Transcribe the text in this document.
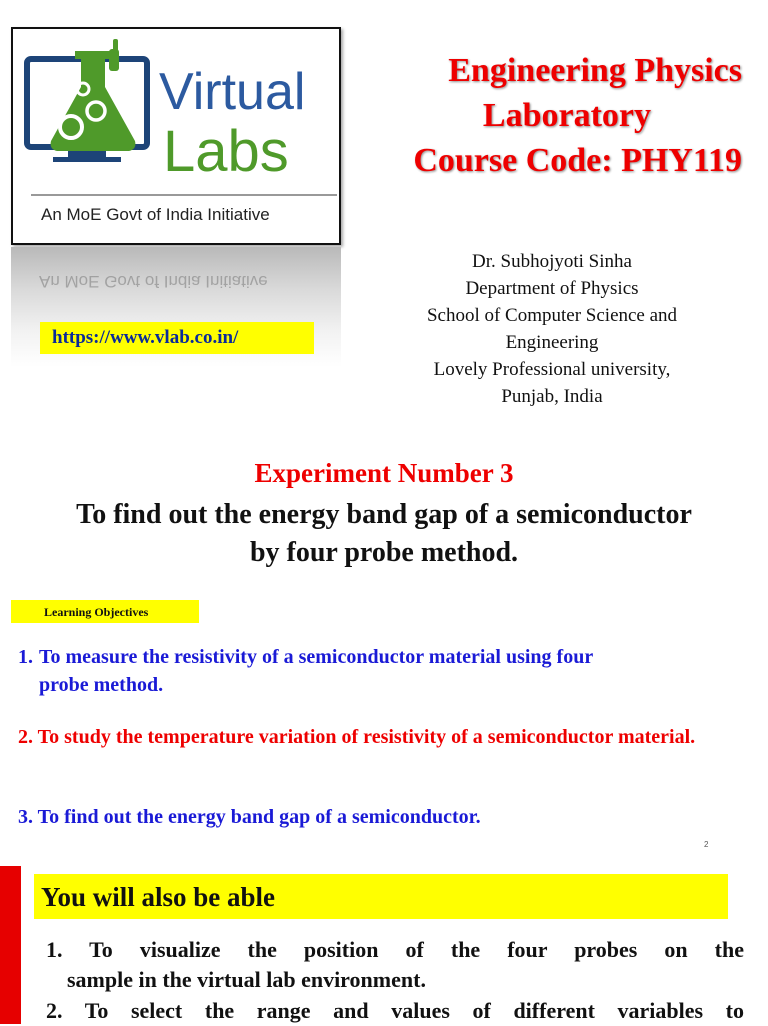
Virtual
Labs
An MoE Govt of India Initiative
An MoE Govt of India Initiative
https://www.vlab.co.in/
Engineering Physics
Laboratory
Course Code: PHY119
Dr. Subhojyoti Sinha
Department of Physics
School of Computer Science and
Engineering
Lovely Professional university,
Punjab, India
Experiment Number 3
To find out the energy band gap of a semiconductor
by four probe method.
Learning Objectives
1. To measure the resistivity of a semiconductor material using four
probe method.
2. To study the temperature variation of resistivity of a semiconductor material.
3. To find out the energy band gap of a semiconductor.
2
You will also be able
1. To visualize the position of the four probes on the
sample in the virtual lab environment.
2. To select the range and values of different variables to
